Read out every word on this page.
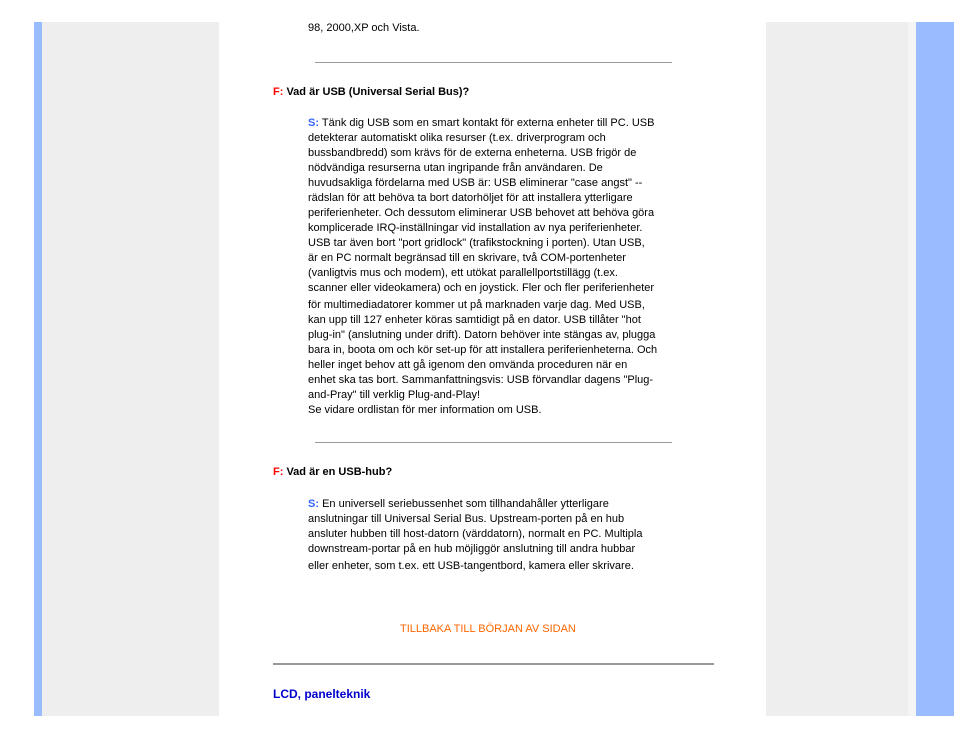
98, 2000,XP och Vista.
F: Vad är USB (Universal Serial Bus)?
S: Tänk dig USB som en smart kontakt för externa enheter till PC. USB
detekterar automatiskt olika resurser (t.ex. driverprogram och
bussbandbredd) som krävs för de externa enheterna. USB frigör de
nödvändiga resurserna utan ingripande från användaren. De
huvudsakliga fördelarna med USB är: USB eliminerar "case angst" --
rädslan för att behöva ta bort datorhöljet för att installera ytterligare
periferienheter. Och dessutom eliminerar USB behovet att behöva göra
komplicerade IRQ-inställningar vid installation av nya periferienheter.
USB tar även bort "port gridlock" (trafikstockning i porten). Utan USB,
är en PC normalt begränsad till en skrivare, två COM-portenheter
(vanligtvis mus och modem), ett utökat parallellportstillägg (t.ex.
scanner eller videokamera) och en joystick. Fler och fler periferienheter
för multimediadatorer kommer ut på marknaden varje dag. Med USB,
kan upp till 127 enheter köras samtidigt på en dator. USB tillåter "hot
plug-in" (anslutning under drift). Datorn behöver inte stängas av, plugga
bara in, boota om och kör set-up för att installera periferienheterna. Och
heller inget behov att gå igenom den omvända proceduren när en
enhet ska tas bort. Sammanfattningsvis: USB förvandlar dagens "Plug-
and-Pray" till verklig Plug-and-Play!
Se vidare ordlistan för mer information om USB.
F: Vad är en USB-hub?
S: En universell seriebussenhet som tillhandahåller ytterligare
anslutningar till Universal Serial Bus. Upstream-porten på en hub
ansluter hubben till host-datorn (värddatorn), normalt en PC. Multipla
downstream-portar på en hub möjliggör anslutning till andra hubbar
eller enheter, som t.ex. ett USB-tangentbord, kamera eller skrivare.
TILLBAKA TILL BÖRJAN AV SIDAN
LCD, panelteknik
